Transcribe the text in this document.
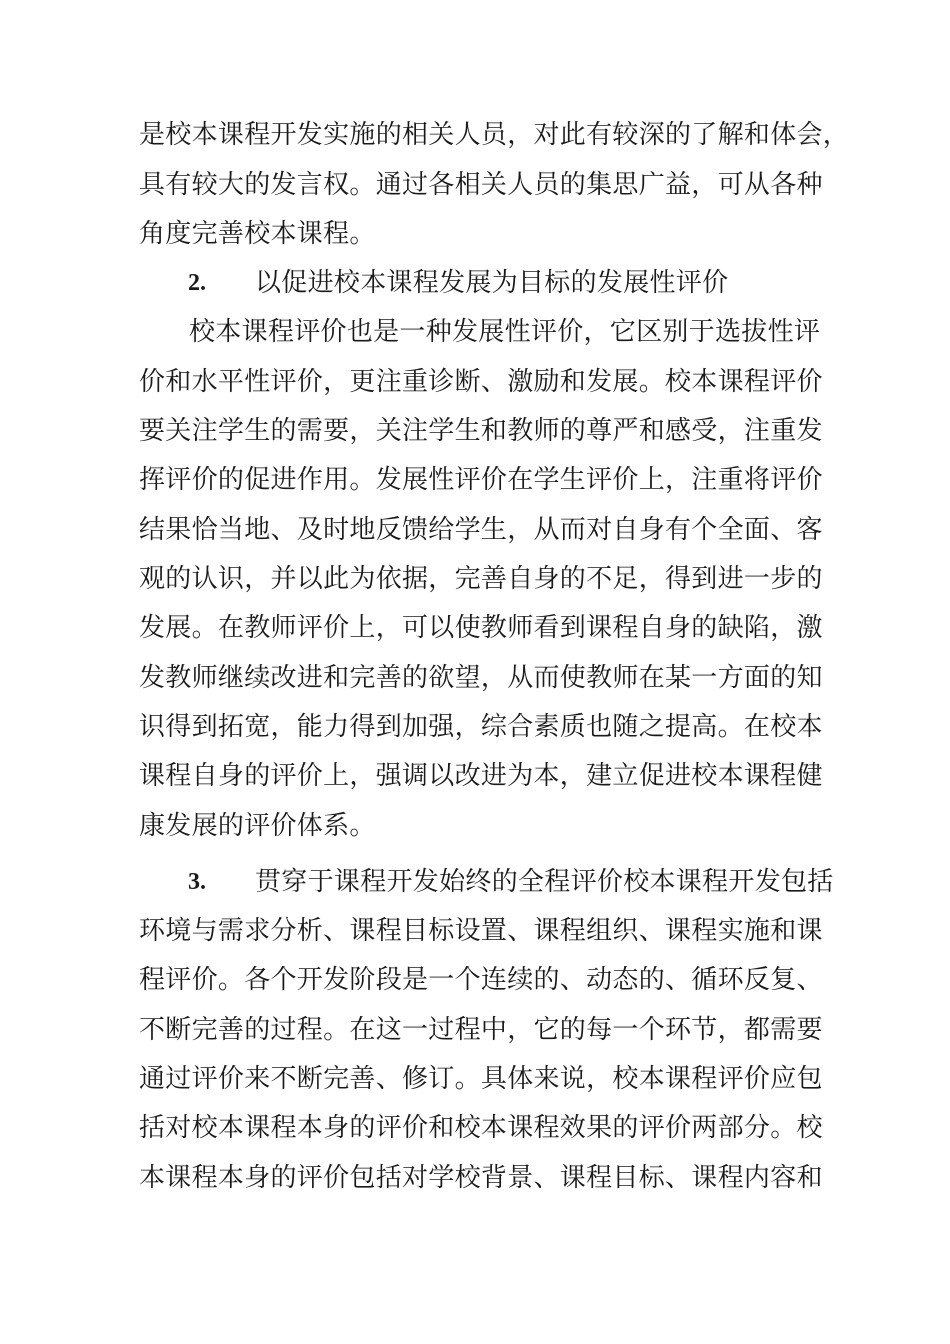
是校本课程开发实施的相关人员，对此有较深的了解和体会，
具有较大的发言权。通过各相关人员的集思广益，可从各种
角度完善校本课程。
2. 以促进校本课程发展为目标的发展性评价
校本课程评价也是一种发展性评价，它区别于选拔性评
价和水平性评价，更注重诊断、激励和发展。校本课程评价
要关注学生的需要，关注学生和教师的尊严和感受，注重发
挥评价的促进作用。发展性评价在学生评价上，注重将评价
结果恰当地、及时地反馈给学生，从而对自身有个全面、客
观的认识，并以此为依据，完善自身的不足，得到进一步的
发展。在教师评价上，可以使教师看到课程自身的缺陷，激
发教师继续改进和完善的欲望，从而使教师在某一方面的知
识得到拓宽，能力得到加强，综合素质也随之提高。在校本
课程自身的评价上，强调以改进为本，建立促进校本课程健
康发展的评价体系。
3. 贯穿于课程开发始终的全程评价校本课程开发包括
环境与需求分析、课程目标设置、课程组织、课程实施和课
程评价。各个开发阶段是一个连续的、动态的、循环反复、
不断完善的过程。在这一过程中，它的每一个环节，都需要
通过评价来不断完善、修订。具体来说，校本课程评价应包
括对校本课程本身的评价和校本课程效果的评价两部分。校
本课程本身的评价包括对学校背景、课程目标、课程内容和
